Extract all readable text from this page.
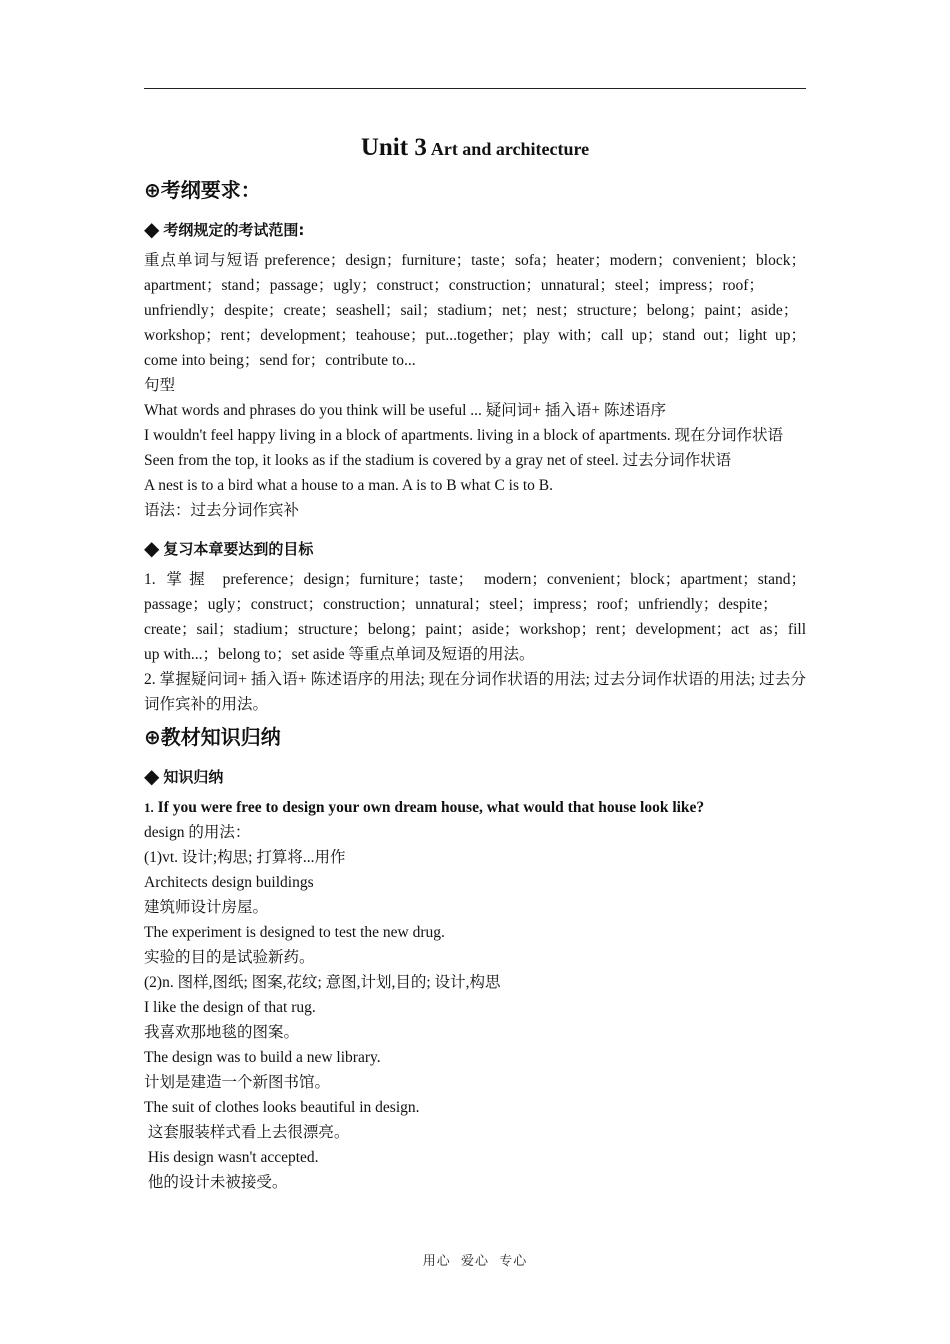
Unit 3 Art and architecture
⊕考纲要求：
◆ 考纲规定的考试范围:

重点单词与短语 preference；design；furniture；taste；sofa；heater；modern；convenient；block；apartment；stand；passage；ugly；construct；construction；unnatural；steel；impress；roof；unfriendly；despite；create；seashell；sail；stadium；net；nest；structure；belong；paint；aside；workshop；rent；development；teahouse；put...together；play with；call up；stand out；light up；come into being；send for；contribute to...

句型

What words and phrases do you think will be useful ... 疑问词+ 插入语+ 陈述语序

I wouldn't feel happy living in a block of apartments. living in a block of apartments. 现在分词作状语

Seen from the top, it looks as if the stadium is covered by a gray net of steel. 过去分词作状语

A nest is to a bird what a house to a man. A is to B what C is to B.

语法：过去分词作宾补

◆ 复习本章要达到的目标

1. 掌握 preference；design；furniture；taste； modern；convenient；block；apartment；stand；passage；ugly；construct；construction；unnatural；steel；impress；roof；unfriendly；despite；create；sail；stadium；structure；belong；paint；aside；workshop；rent；development；act as；fill up with...；belong to；set aside 等重点单词及短语的用法。

2. 掌握疑问词+ 插入语+ 陈述语序的用法; 现在分词作状语的用法; 过去分词作状语的用法; 过去分词作宾补的用法。

⊕教材知识归纳
◆ 知识归纳

1. If you were free to design your own dream house, what would that house look like?

design 的用法：

(1)vt. 设计;构思; 打算将...用作

Architects design buildings

建筑师设计房屋。

The experiment is designed to test the new drug.

实验的目的是试验新药。

(2)n. 图样,图纸; 图案,花纹; 意图,计划,目的; 设计,构思

I like the design of that rug.

我喜欢那地毯的图案。

The design was to build a new library.

计划是建造一个新图书馆。

The suit of clothes looks beautiful in design.

这套服装样式看上去很漂亮。

His design wasn't accepted.

他的设计未被接受。

用心  爱心  专心
